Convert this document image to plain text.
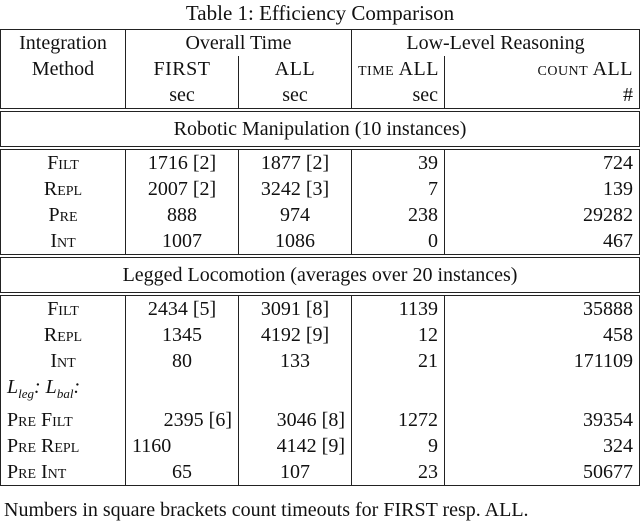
Table 1: Efficiency Comparison
Integration	Overall Time		Low-Level Reasoning	
Method	FIRST	ALL	time ALL	count ALL
	sec	sec	sec	#
Robotic Manipulation (10 instances)				
Filt	1716 [2]	1877 [2]	39	724
Repl	2007 [2]	3242 [3]	7	139
Pre	888	974	238	29282
Int	1007	1086	0	467
Legged Locomotion (averages over 20 instances)				
Filt	2434 [5]	3091 [8]	1139	35888
Repl	1345	4192 [9]	12	458
Int	80	133	21	171109
$L_{leg}$: $L_{bal}$:				
Pre Filt	2395 [6]	3046 [8]	1272	39354
Pre Repl	1160	4142 [9]	9	324
Pre Int	65	107	23	50677
Numbers in square brackets count timeouts for FIRST resp. ALL.
